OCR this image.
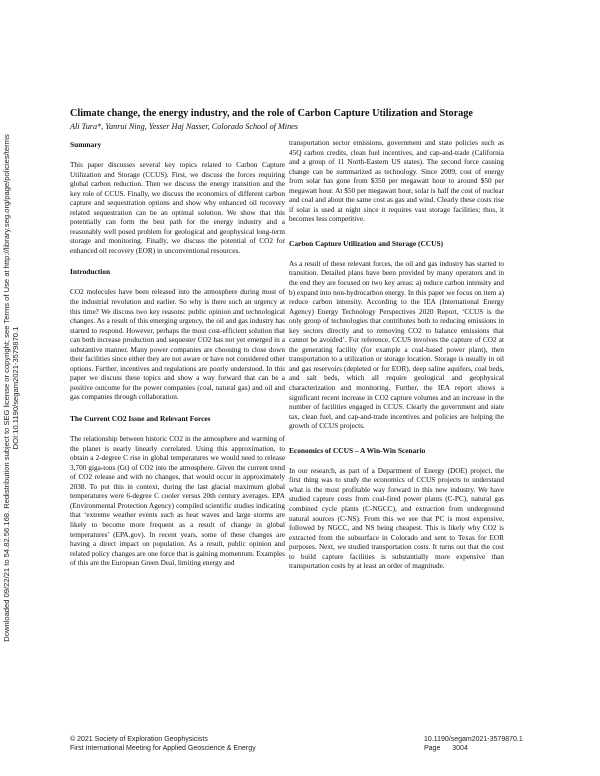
Downloaded 09/22/21 to 54.82.56.168. Redistribution subject to SEG license or copyright; see Terms of Use at http://library.seg.org/page/policies/terms DOI:10.1190/segam2021-3579870.1
Climate change, the energy industry, and the role of Carbon Capture Utilization and Storage
Ali Tura*, Yanrui Ning, Yesser Haj Nasser, Colorado School of Mines
Summary

This paper discusses several key topics related to Carbon Capture Utilization and Storage (CCUS). First, we discuss the forces requiring global carbon reduction. Then we discuss the energy transition and the key role of CCUS. Finally, we discuss the economics of different carbon capture and sequestration options and show why enhanced oil recovery related sequestration can be an optimal solution. We show that this potentially can form the best path for the energy industry and a reasonably well posed problem for geological and geophysical long-term storage and monitoring. Finally, we discuss the potential of CO2 for enhanced oil recovery (EOR) in unconventional resources.

Introduction

CO2 molecules have been released into the atmosphere during most of the industrial revolution and earlier. So why is there such an urgency at this time? We discuss two key reasons: public opinion and technological changes. As a result of this emerging urgency, the oil and gas industry has started to respond. However, perhaps the most cost-efficient solution that can both increase production and sequester CO2 has not yet emerged in a substantive manner. Many power companies are choosing to close down their facilities since either they are not aware or have not considered other options. Further, incentives and regulations are poorly understood. In this paper we discuss these topics and show a way forward that can be a positive outcome for the power companies (coal, natural gas) and oil and gas companies through collaboration.

The Current CO2 Issue and Relevant Forces

The relationship between historic CO2 in the atmosphere and warming of the planet is nearly linearly correlated. Using this approximation, to obtain a 2-degree C rise in global temperatures we would need to release 3,700 giga-tons (Gt) of CO2 into the atmosphere. Given the current trend of CO2 release and with no changes, that would occur in approximately 2038. To put this in context, during the last glacial maximum global temperatures were 6-degree C cooler versus 20th century averages. EPA (Environmental Protection Agency) compiled scientific studies indicating that ‘extreme weather events such as heat waves and large storms are likely to become more frequent as a result of change in global temperatures’ (EPA.gov). In recent years, some of these changes are having a direct impact on population. As a result, public opinion and related policy changes are one force that is gaining momentum. Examples of this are the European Green Deal, limiting energy and

transportation sector emissions, government and state policies such as 45Q carbon credits, clean fuel incentives, and cap-and-trade (California and a group of 11 North-Eastern US states). The second force causing change can be summarized as technology. Since 2009, cost of energy from solar has gone from $350 per megawatt hour to around $50 per megawatt hour. At $50 per megawatt hour, solar is half the cost of nuclear and coal and about the same cost as gas and wind. Clearly these costs rise if solar is used at night since it requires vast storage facilities; thus, it becomes less competitive.

Carbon Capture Utilization and Storage (CCUS)

As a result of these relevant forces, the oil and gas industry has started to transition. Detailed plans have been provided by many operators and in the end they are focused on two key areas: a) reduce carbon intensity and b) expand into non-hydrocarbon energy. In this paper we focus on item a) reduce carbon intensity. According to the IEA (International Energy Agency) Energy Technology Perspectives 2020 Report, ‘CCUS is the only group of technologies that contributes both to reducing emissions in key sectors directly and to removing CO2 to balance emissions that cannot be avoided’. For reference, CCUS involves the capture of CO2 at the generating facility (for example a coal-based power plant), then transportation to a utilization or storage location. Storage is usually in oil and gas reservoirs (depleted or for EOR), deep saline aquifers, coal beds, and salt beds, which all require geological and geophysical characterization and monitoring. Further, the IEA report shows a significant recent increase in CO2 capture volumes and an increase in the number of facilities engaged in CCUS. Clearly the government and state tax, clean fuel, and cap-and-trade incentives and policies are helping the growth of CCUS projects.

Economics of CCUS – A Win-Win Scenario

In our research, as part of a Department of Energy (DOE) project, the first thing was to study the economics of CCUS projects to understand what is the most profitable way forward in this new industry. We have studied capture costs from coal-fired power plants (C-PC), natural gas combined cycle plants (C-NGCC), and extraction from underground natural sources (C-NS). From this we see that PC is most expensive, followed by NGCC, and NS being cheapest. This is likely why CO2 is extracted from the subsurface in Colorado and sent to Texas for EOR purposes. Next, we studied transportation costs. It turns out that the cost to build capture facilities is substantially more expensive than transportation costs by at least an order of magnitude.

© 2021 Society of Exploration Geophysicists
First International Meeting for Applied Geoscience & Energy
10.1190/segam2021-3579870.1
Page 3004
